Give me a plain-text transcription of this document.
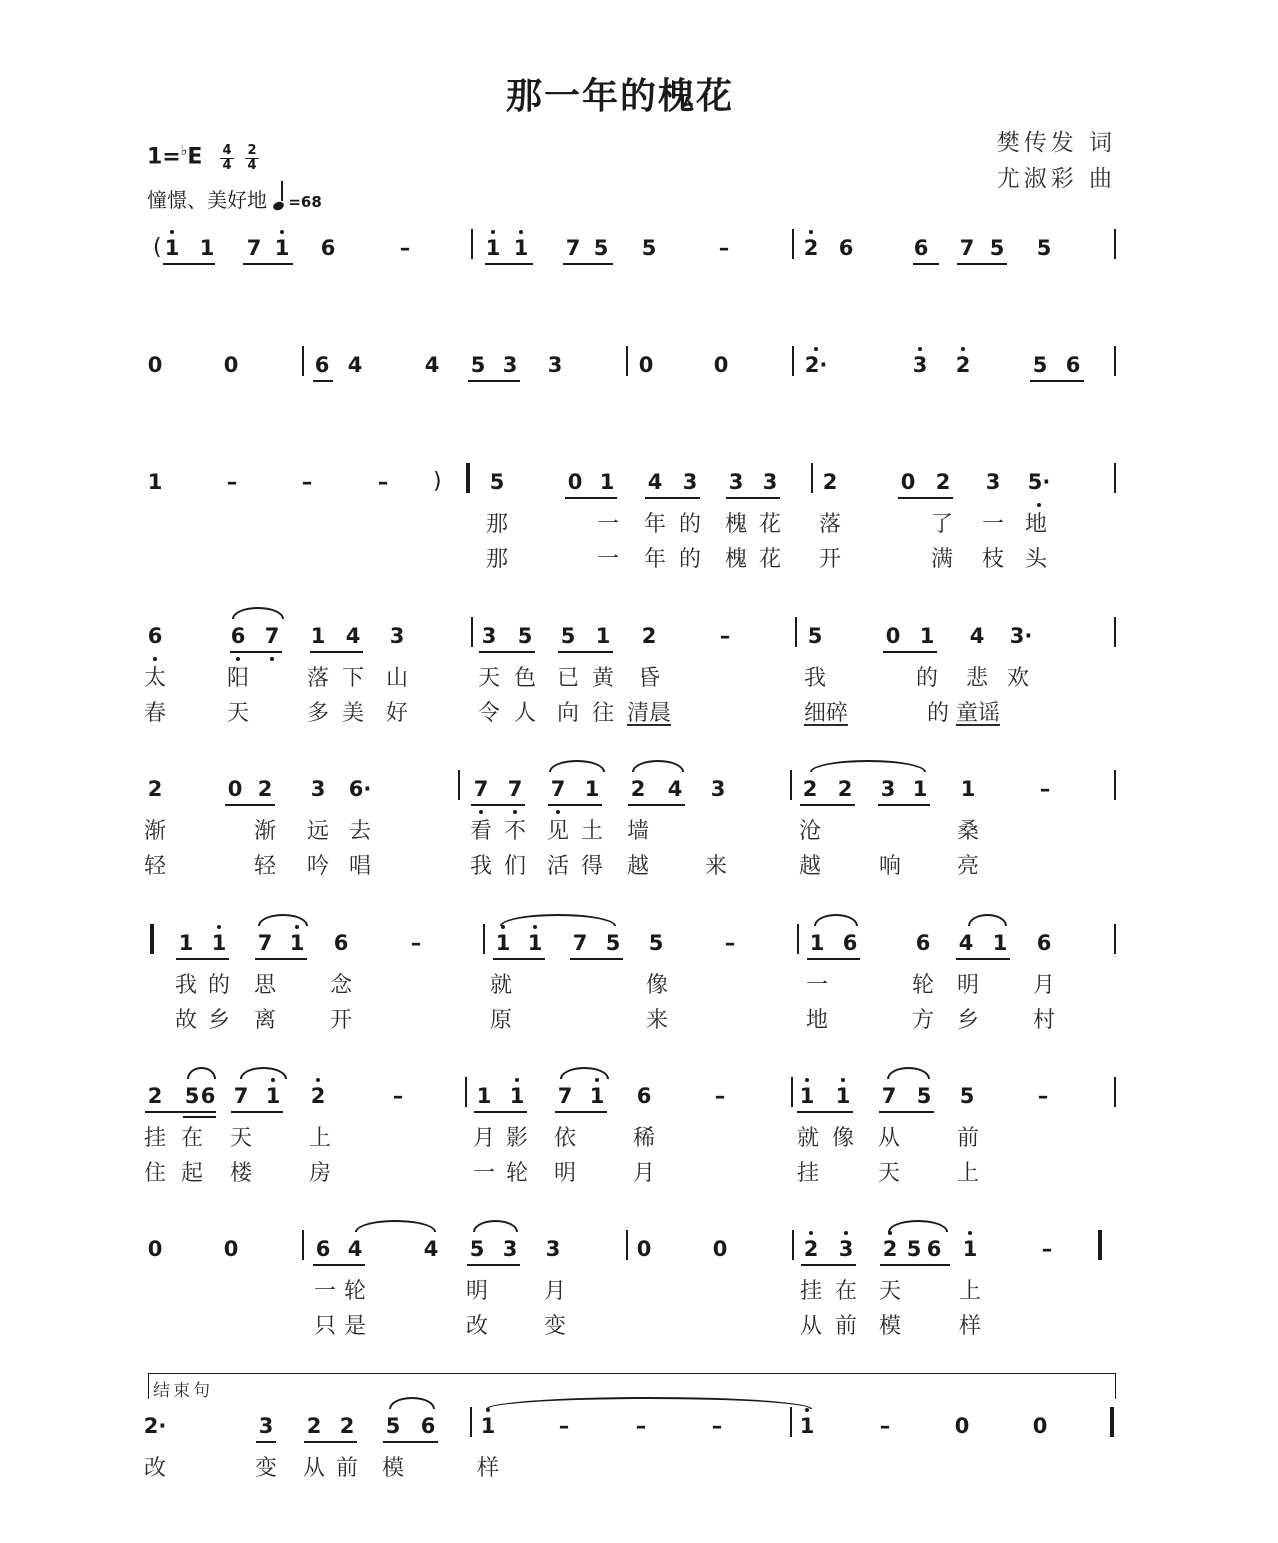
那一年的槐花
樊传发 词
尤淑彩 曲
1=♭E	4
4
2
4
憧憬、美好地 =68
结束句
( 1 1 7 1 6	–	1 1 7 5 5	–	2 6	6 7 5 5
0	0	6 4	4 5 3 3	0	0	2·	3 2	5 6
1	–	–	– ) 5	0 1 4 3 3 3 2	0 2 3 5·
那	一 年 的 槐 花 落	了 一 地
那	一 年 的 槐 花 开	满 枝 头
6	6 7 1 4 3	3 5 5 1 2	–	5	0 1 4 3·
太	阳	落 下 山	天 色 已 黄 昏	我	的 悲 欢
春	天	多 美 好	令 人 向 往 清晨	细碎	的 童谣
2	0 2 3 6·	7 7 7 1 2 4 3	2 2 3 1 1	–
渐	渐 远 去	看 不 见 土 墙	沧	桑
轻	轻 吟 唱	我 们 活 得 越	来	越	响	亮
1 1 7 1 6	–	1 1 7 5 5	–	1 6	6 4 1 6
我 的 思 念	就	像	一	轮 明 月
故 乡 离 开	原	来	地	方 乡 村
2 5 6 7 1 2	–	1 1 7 1 6	–	1 1 7 5 5	–
挂 在 天	上	月 影 依	稀	就 像 从	前
住 起 楼	房	一 轮 明	月	挂	天	上
0	0	6 4	4 5 3 3	0	0	2 3 2 5 6 1	–
一 轮	明	月	挂 在 天	上
只 是	改	变	从 前 模	样
2·	3 2 2 5 6 1	–	–	–	1	–	0	0
改	变 从 前 模	样
